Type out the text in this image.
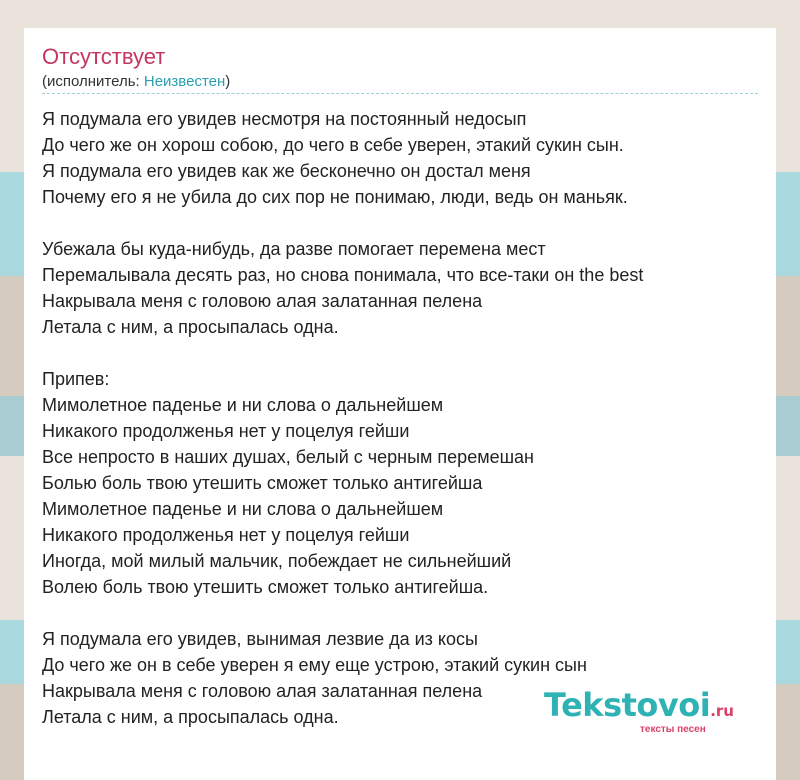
Отсутствует
(исполнитель: Неизвестен)
Я подумала его увидев несмотря на постоянный недосып
До чего же он хорош собою, до чего в себе уверен, этакий сукин сын.
Я подумала его увидев как же бесконечно он достал меня
Почему его я не убила до сих пор не понимаю, люди, ведь он маньяк.
Убежала бы куда-нибудь, да разве помогает перемена мест
Перемалывала десять раз, но снова понимала, что все-таки он the best
Накрывала меня с головою алая залатанная пелена
Летала с ним, а просыпалась одна.
Припев:
Мимолетное паденье и ни слова о дальнейшем
Никакого продолженья нет у поцелуя гейши
Все непросто в наших душах, белый с черным перемешан
Болью боль твою утешить сможет только антигейша
Мимолетное паденье и ни слова о дальнейшем
Никакого продолженья нет у поцелуя гейши
Иногда, мой милый мальчик, побеждает не сильнейший
Волею боль твою утешить сможет только антигейша.
Я подумала его увидев, вынимая лезвие да из косы
До чего же он в себе уверен я ему еще устрою, этакий сукин сын
Накрывала меня с головою алая залатанная пелена
Летала с ним, а просыпалась одна.	Tekstovoi.ru
тексты песен
